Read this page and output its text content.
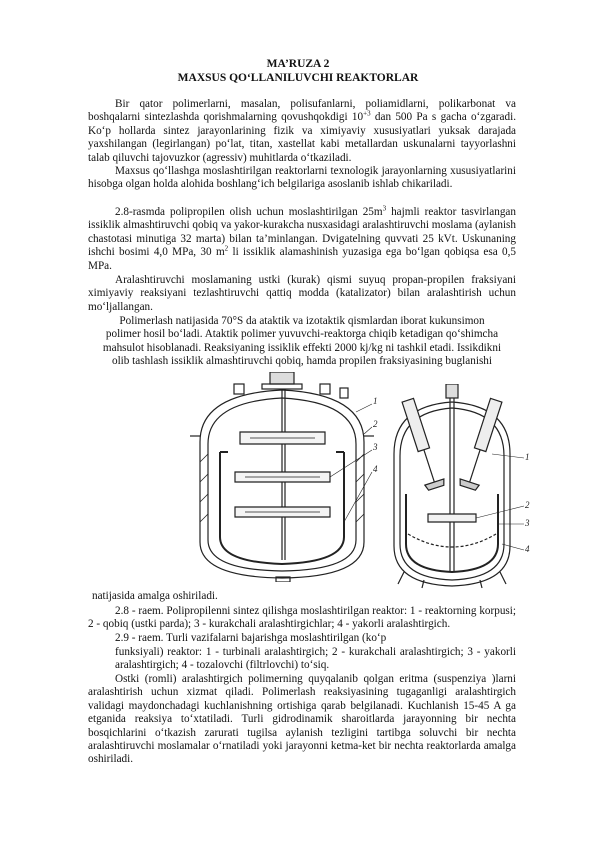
MA’RUZA 2
MAXSUS QO‘LLANILUVCHI REAKTORLAR
Bir qator polimerlarni, masalan, polisufanlarni, poliamidlarni, polikarbonat va boshqalarni sintezlashda qorishmalarning qovushqokdigi $10^{+3}$ dan 500 Pa s gacha o‘zgaradi. Ko‘p hollarda sintez jarayonlarining fizik va ximiyaviy xususiyatlari yuksak darajada yaxshilangan (legirlangan) po‘lat, titan, xastellat kabi metallardan uskunalarni tayyorlashni talab qiluvchi tajovuzkor (agressiv) muhitlarda o‘tkaziladi.
Maxsus qo‘llashga moslashtirilgan reaktorlarni texnologik jarayonlarning xususiyatlarini hisobga olgan holda alohida boshlang‘ich belgilariga asoslanib ishlab chikariladi.
2.8-rasmda polipropilen olish uchun moslashtirilgan $25m^3$ hajmli reaktor tasvirlangan issiklik almashtiruvchi qobiq va yakor-kurakcha nusxasidagi aralashtiruvchi moslama (aylanish chastotasi minutiga 32 marta) bilan ta’minlangan. Dvigatelning quvvati 25 kVt. Uskunaning ishchi bosimi 4,0 MPa, 30 $m^2$ li issiklik alamashinish yuzasiga ega bo‘lgan qobiqsa esa 0,5 MPa.
Aralashtiruvchi moslamaning ustki (kurak) qismi suyuq propan-propilen fraksiyani ximiyaviy reaksiyani tezlashtiruvchi qattiq modda (katalizator) bilan aralashtirish uchun mo‘ljallangan.
Polimerlash natijasida 70°S da ataktik va izotaktik qismlardan iborat kukunsimon
polimer hosil bo‘ladi. Ataktik polimer yuvuvchi-reaktorga chiqib ketadigan qo‘shimcha
mahsulot hisoblanadi. Reaksiyaning issiklik effekti 2000 kj/kg ni tashkil etadi. Issikdikni
olib tashlash issiklik almashtiruvchi qobiq, hamda propilen fraksiyasining buglanishi
1
2
3
4
1
2
3
4
natijasida amalga oshiriladi.
2.8 - raem. Polipropilenni sintez qilishga moslashtirilgan reaktor: 1 - reaktorning korpusi; 2 - qobiq (ustki parda); 3 - kurakchali aralashtirgichlar; 4 - yakorli aralashtirgich.
2.9 - raem. Turli vazifalarni bajarishga moslashtirilgan (ko‘p
funksiyali) reaktor: 1 - turbinali aralashtirgich; 2 - kurakchali aralashtirgich; 3 - yakorli aralashtirgich; 4 - tozalovchi (filtrlovchi) to‘siq.
Ostki (romli) aralashtirgich polimerning quyqalanib qolgan eritma (suspenziya )larni aralashtirish uchun xizmat qiladi. Polimerlash reaksiyasining tugaganligi aralashtirgich validagi maydonchadagi kuchlanishning ortishiga qarab belgilanadi. Kuchlanish 15-45 A ga etganida reaksiya to‘xtatiladi. Turli gidrodinamik sharoitlarda jarayonning bir nechta bosqichlarini o‘tkazish zarurati tugilsa aylanish tezligini tartibga soluvchi bir nechta aralashtiruvchi moslamalar o‘rnatiladi yoki jarayonni ketma-ket bir nechta reaktorlarda amalga oshiriladi.
